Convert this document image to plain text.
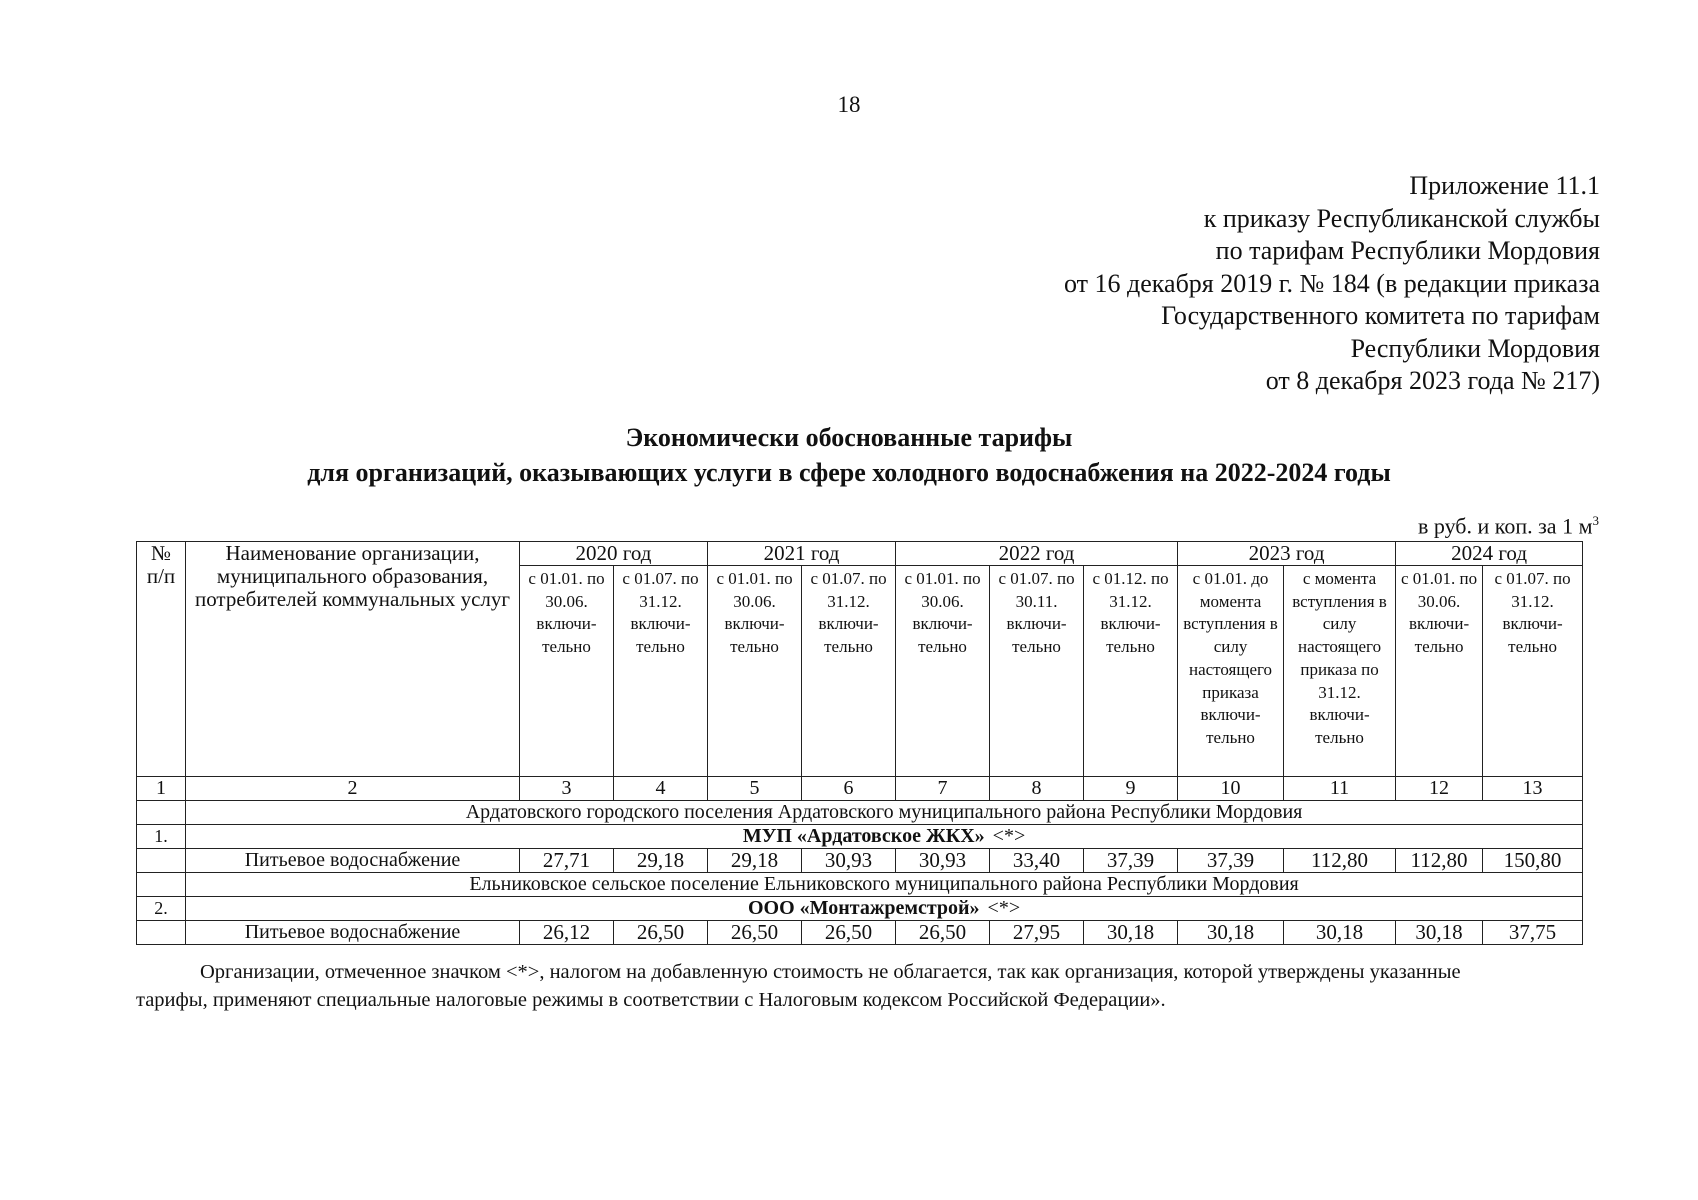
18
Приложение 11.1
к приказу Республиканской службы
по тарифам Республики Мордовия
от 16 декабря 2019 г. № 184 (в редакции приказа
Государственного комитета по тарифам
Республики Мордовия
от 8 декабря 2023 года № 217)
Экономически обоснованные тарифы
для организаций, оказывающих услуги в сфере холодного водоснабжения на 2022-2024 годы
в руб. и коп. за 1 $м^3$
№ п/п	Наименование организации, муниципального образования, потребителей коммунальных услуг	2020 год		2021 год		2022 год			2023 год		2024 год	
		с 01.01. по 30.06. включи-тельно	с 01.07. по 31.12. включи-тельно	с 01.01. по 30.06. включи-тельно	с 01.07. по 31.12. включи-тельно	с 01.01. по 30.06. включи-тельно	с 01.07. по 30.11. включи-тельно	с 01.12. по 31.12. включи-тельно	с 01.01. до момента вступления в силу настоящего приказа включи-тельно	с момента вступления в силу настоящего приказа по 31.12. включи-тельно	с 01.01. по 30.06. включи-тельно	с 01.07. по 31.12. включи-тельно
1	2	3	4	5	6	7	8	9	10	11	12	13
	Ардатовского городского поселения Ардатовского муниципального района Республики Мордовия											
1.	МУП «Ардатовское ЖКХ» <*>											
	Питьевое водоснабжение	27,71	29,18	29,18	30,93	30,93	33,40	37,39	37,39	112,80	112,80	150,80
	Ельниковское сельское поселение Ельниковского муниципального района Республики Мордовия											
2.	ООО «Монтажремстрой» <*>											
	Питьевое водоснабжение	26,12	26,50	26,50	26,50	26,50	27,95	30,18	30,18	30,18	30,18	37,75
Организации, отмеченное значком <*>, налогом на добавленную стоимость не облагается, так как организация, которой утверждены указанные
тарифы, применяют специальные налоговые режимы в соответствии с Налоговым кодексом Российской Федерации».
